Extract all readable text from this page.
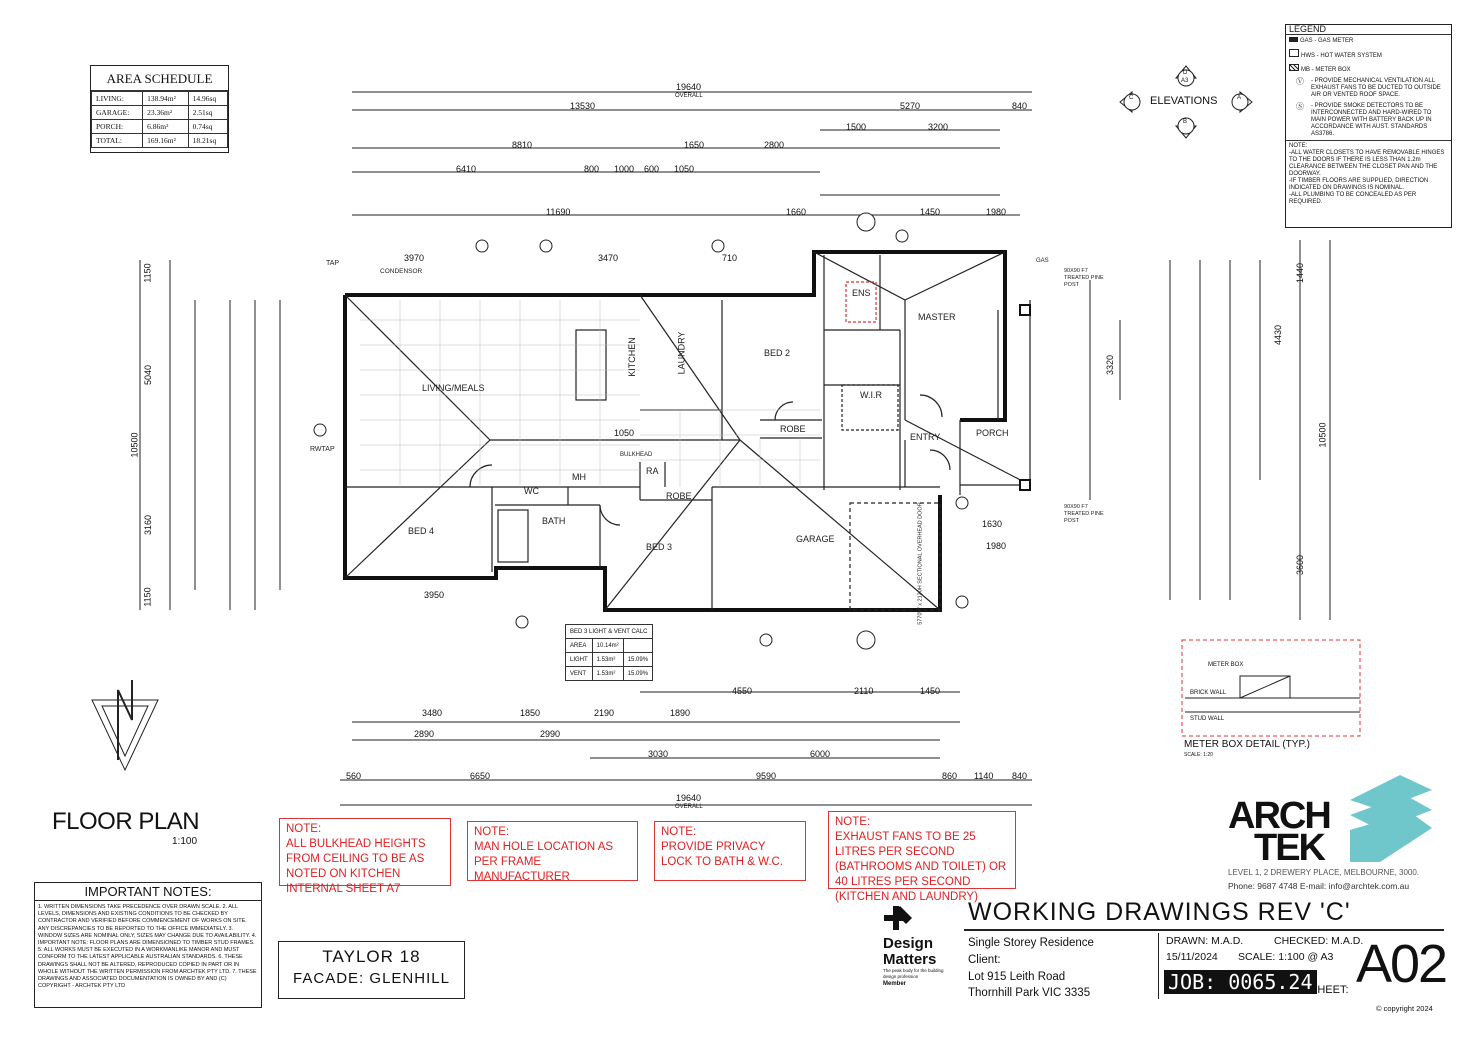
AREA SCHEDULE
LIVING:	138.94m²	14.96sq
GARAGE:	23.36m²	2.51sq
PORCH:	6.86m²	0.74sq
TOTAL:	169.16m²	18.21sq
LEGEND
GAS - GAS METER
HWS - HOT WATER SYSTEM
MB - METER BOX
Ⓥ	- PROVIDE MECHANICAL VENTILATION ALL EXHAUST FANS TO BE DUCTED TO OUTSIDE AIR OR VENTED ROOF SPACE.
Ⓢ	- PROVIDE SMOKE DETECTORS TO BE INTERCONNECTED AND HARD-WIRED TO MAIN POWER WITH BATTERY BACK UP IN ACCORDANCE WITH AUST. STANDARDS AS3786.
NOTE:
-ALL WATER CLOSETS TO HAVE REMOVABLE HINGES TO THE DOORS IF THERE IS LESS THAN 1.2m CLEARANCE BETWEEN THE CLOSET PAN AND THE DOORWAY.
-IF TIMBER FLOORS ARE SUPPLIED, DIRECTION INDICATED ON DRAWINGS IS NOMINAL.
-ALL PLUMBING TO BE CONCEALED AS PER REQUIRED.
D
A3
C	A
B
ELEVATIONS
LIVING/MEALS
KITCHEN	LAUNDRY	BED 2
ENS
MASTER
W.I.R
ROBE
ENTRY	PORCH
WC
MH
BATH
BED 4
ROBE
BED 3
GARAGE
RA
BULKHEAD
CONDENSOR
RWTAP
TAP	GAS
5770W x 2130H SECTIONAL OVERHEAD DOOR
90X90 F7 TREATED PINE POST
90X90 F7 TREATED PINE POST
19640
OVERALL
13530	5270	840
8810	1650	2800
1500	3200
6410	800 1000 600 1050
11690	1660	1450	1980
3970	3470	710
3950
1050
1630
1980
3480	1850	2190	1890
4550	2110	1450
2890	2990
3030	6000
560	6650	9590	860 1140 840
19640
OVERALL
10500
5040
3160
1150
1150
10500
4430
3600
3320
1440
BED 3 LIGHT & VENT CALC		
AREA	10.14m²	
LIGHT	1.53m²	15.09%
VENT	1.53m²	15.09%
METER BOX
BRICK WALL
STUD WALL
METER BOX DETAIL (TYP.)
SCALE: 1:20
FLOOR PLAN
1:100
NOTE:
ALL BULKHEAD HEIGHTS FROM CEILING TO BE AS NOTED ON KITCHEN INTERNAL SHEET A7
NOTE:
MAN HOLE LOCATION AS PER FRAME MANUFACTURER
NOTE:
PROVIDE PRIVACY LOCK TO BATH & W.C.
NOTE:
EXHAUST FANS TO BE 25 LITRES PER SECOND (BATHROOMS AND TOILET) OR 40 LITRES PER SECOND (KITCHEN AND LAUNDRY)
IMPORTANT NOTES:
1. WRITTEN DIMENSIONS TAKE PRECEDENCE OVER DRAWN SCALE. 2. ALL LEVELS, DIMENSIONS AND EXISTING CONDITIONS TO BE CHECKED BY CONTRACTOR AND VERIFIED BEFORE COMMENCEMENT OF WORKS ON SITE. ANY DISCREPANCIES TO BE REPORTED TO THE OFFICE IMMEDIATELY. 3. WINDOW SIZES ARE NOMINAL ONLY, SIZES MAY CHANGE DUE TO AVAILABILITY. 4. IMPORTANT NOTE: FLOOR PLANS ARE DIMENSIONED TO TIMBER STUD FRAMES. 5. ALL WORKS MUST BE EXECUTED IN A WORKMANLIKE MANOR AND MUST CONFORM TO THE LATEST APPLICABLE AUSTRALIAN STANDARDS. 6. THESE DRAWINGS SHALL NOT BE ALTERED, REPRODUCED COPIED IN PART OR IN WHOLE WITHOUT THE WRITTEN PERMISSION FROM ARCHTEK PTY LTD. 7. THESE DRAWINGS AND ASSOCIATED DOCUMENTATION IS OWNED BY AND (C) COPYRIGHT - ARCHTEK PTY LTD
TAYLOR 18
FACADE: GLENHILL
Design
Matters
The peak body for the building design profession
Member
ARCH
TEK
LEVEL 1, 2 DREWERY PLACE, MELBOURNE, 3000.
Phone: 9687 4748 E-mail: info@archtek.com.au
WORKING DRAWINGS REV 'C'
Single Storey Residence
Client:
Lot 915 Leith Road
Thornhill Park VIC 3335
DRAWN: M.A.D.	CHECKED: M.A.D.
15/11/2024 SCALE: 1:100 @ A3
JOB: 0065.24
SHEET: A02
© copyright 2024
